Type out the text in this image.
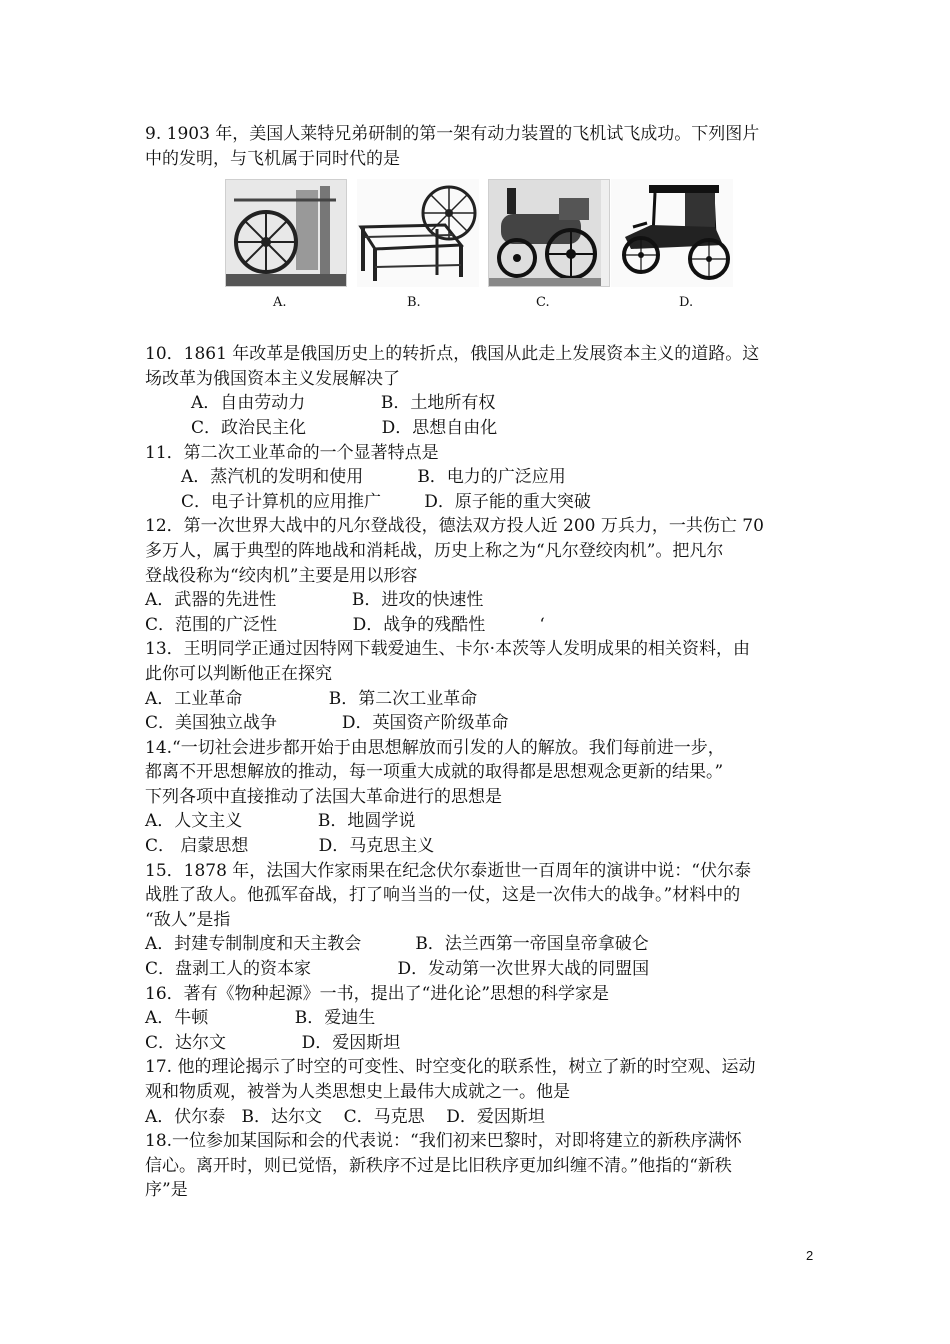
9. 1903 年，美国人莱特兄弟研制的第一架有动力装置的飞机试飞成功。下列图片

中的发明，与飞机属于同时代的是

A.	B.	C.	D.

10．1861 年改革是俄国历史上的转折点，俄国从此走上发展资本主义的道路。这

场改革为俄国资本主义发展解决了

A．自由劳动力              B．土地所有权

C．政治民主化              D．思想自由化

11．第二次工业革命的一个显著特点是

A．蒸汽机的发明和使用          B．电力的广泛应用

C．电子计算机的应用推广        D．原子能的重大突破

12．第一次世界大战中的凡尔登战役，德法双方投人近 200 万兵力，一共伤亡 70

多万人，属于典型的阵地战和消耗战，历史上称之为“凡尔登绞肉机”。把凡尔

登战役称为“绞肉机”主要是用以形容

A．武器的先进性              B．进攻的快速性

C．范围的广泛性              D．战争的残酷性          ‘

13．王明同学正通过因特网下载爱迪生、卡尔·本茨等人发明成果的相关资料，由

此你可以判断他正在探究

A．工业革命                B．第二次工业革命

C．美国独立战争            D．英国资产阶级革命

14.“一切社会进步都开始于由思想解放而引发的人的解放。我们每前进一步，

都离不开思想解放的推动，每一项重大成就的取得都是思想观念更新的结果。”

下列各项中直接推动了法国大革命进行的思想是

A．人文主义              B．地圆学说

C． 启蒙思想             D．马克思主义

15．1878 年，法国大作家雨果在纪念伏尔泰逝世一百周年的演讲中说：“伏尔泰

战胜了敌人。他孤军奋战，打了响当当的一仗，这是一次伟大的战争。”材料中的

“敌人”是指

A．封建专制制度和天主教会          B．法兰西第一帝国皇帝拿破仑

C．盘剥工人的资本家                D．发动第一次世界大战的同盟国

16．著有《物种起源》一书，提出了“进化论”思想的科学家是

A．牛顿                B．爱迪生

C．达尔文              D．爱因斯坦

17. 他的理论揭示了时空的可变性、时空变化的联系性，树立了新的时空观、运动

观和物质观，被誉为人类思想史上最伟大成就之一。他是

A．伏尔泰   B．达尔文    C．马克思    D．爱因斯坦

18.一位参加某国际和会的代表说：“我们初来巴黎时，对即将建立的新秩序满怀

信心。离开时，则已觉悟，新秩序不过是比旧秩序更加纠缠不清。”他指的“新秩

序”是

2
